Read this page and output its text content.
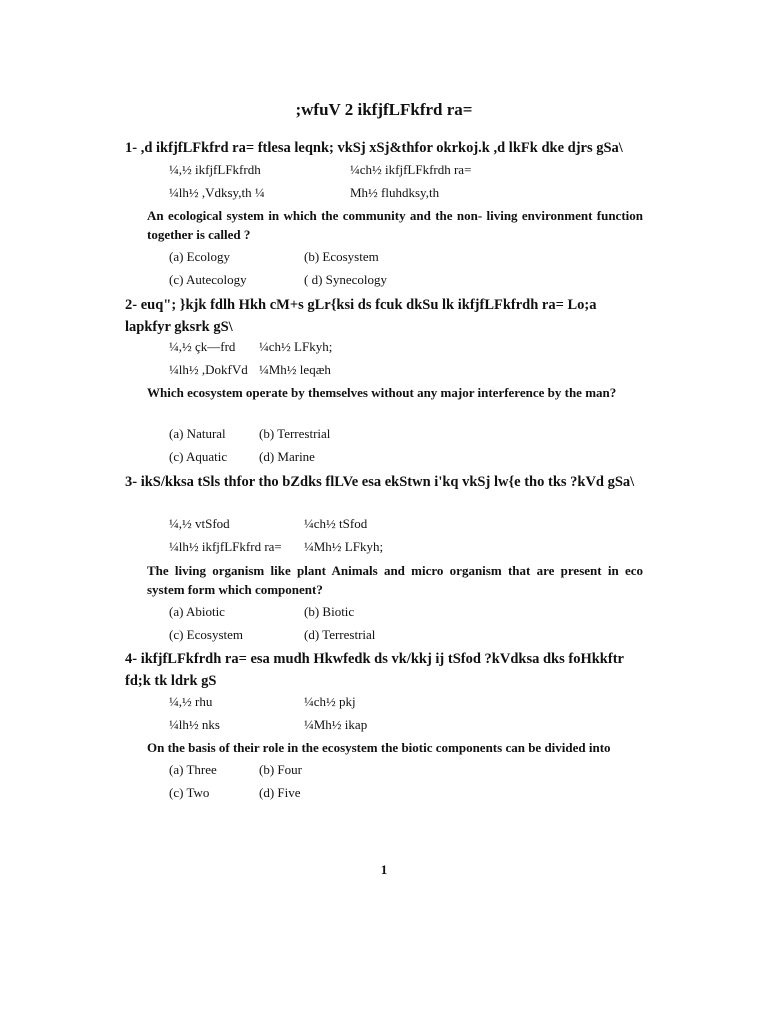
;wfuV 2 ikfjfLFkfrd ra=
1- ,d ikfjfLFkfrd ra= ftlesa leqnk; vkSj xSj&thfor okrkoj.k ,d lkFk dke djrs gSa\
¼,½ ikfjfLFkfrdh	¼ch½ ikfjfLFkfrdh ra=
¼lh½ ,Vdksy,th ¼	Mh½ fluhdksy,th
An ecological system in which the community and the non- living environment function together is called ?
(a) Ecology	(b) Ecosystem
(c) Autecology	( d) Synecology
2- euq"; }kjk fdlh Hkh cM+s gLr{ksi ds fcuk dkSu lk ikfjfLFkfrdh ra= Lo;a lapkfyr gksrk gS\
¼,½ çk—frd ¼ch½ LFkyh;
¼lh½ ,DokfVd ¼Mh½ leqæh
Which ecosystem operate by themselves without any major interference by the man?
(a) Natural	(b) Terrestrial
(c) Aquatic (d) Marine
3- ikS/kksa tSls thfor tho bZdks flLVe esa ekStwn i'kq vkSj lw{e tho tks ?kVd gSa\
¼,½ vtSfod	¼ch½ tSfod
¼lh½ ikfjfLFkfrd ra= ¼Mh½ LFkyh;
The living organism like plant Animals and micro organism that are present in eco system form which component?
(a) Abiotic	(b) Biotic
(c) Ecosystem	(d) Terrestrial
4- ikfjfLFkfrdh ra= esa mudh Hkwfedk ds vk/kkj ij tSfod ?kVdksa dks foHkkftr fd;k tk ldrk gS
¼,½ rhu	¼ch½ pkj
¼lh½ nks	¼Mh½ ikap
On the basis of their role in the ecosystem the biotic components can be divided into
(a) Three	(b) Four
(c) Two	(d) Five
1
